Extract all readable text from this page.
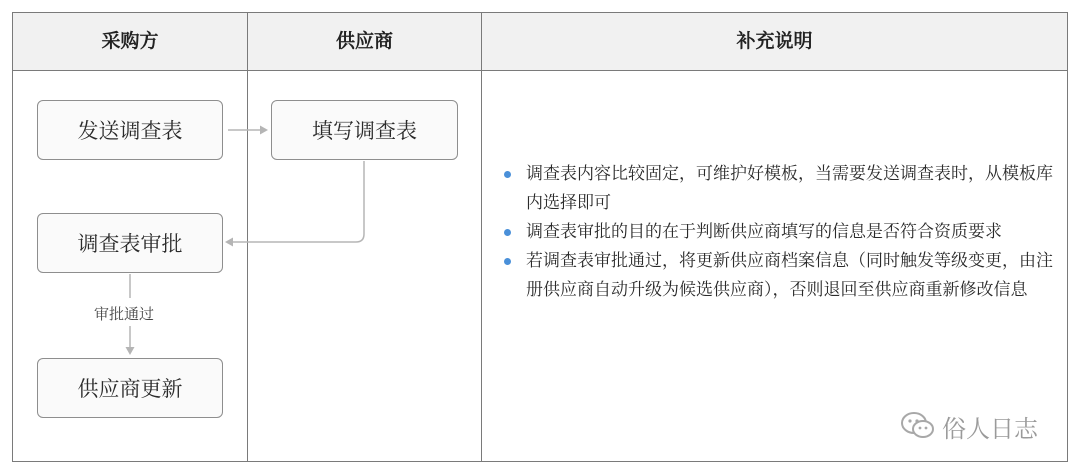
采购方	供应商	补充说明
发送调查表	填写调查表
调查表审批
供应商更新
审批通过
调查表内容比较固定，可维护好模板，当需要发送调查表时，从模板库内选择即可
调查表审批的目的在于判断供应商填写的信息是否符合资质要求
若调查表审批通过，将更新供应商档案信息（同时触发等级变更，由注册供应商自动升级为候选供应商），否则退回至供应商重新修改信息
俗人日志
